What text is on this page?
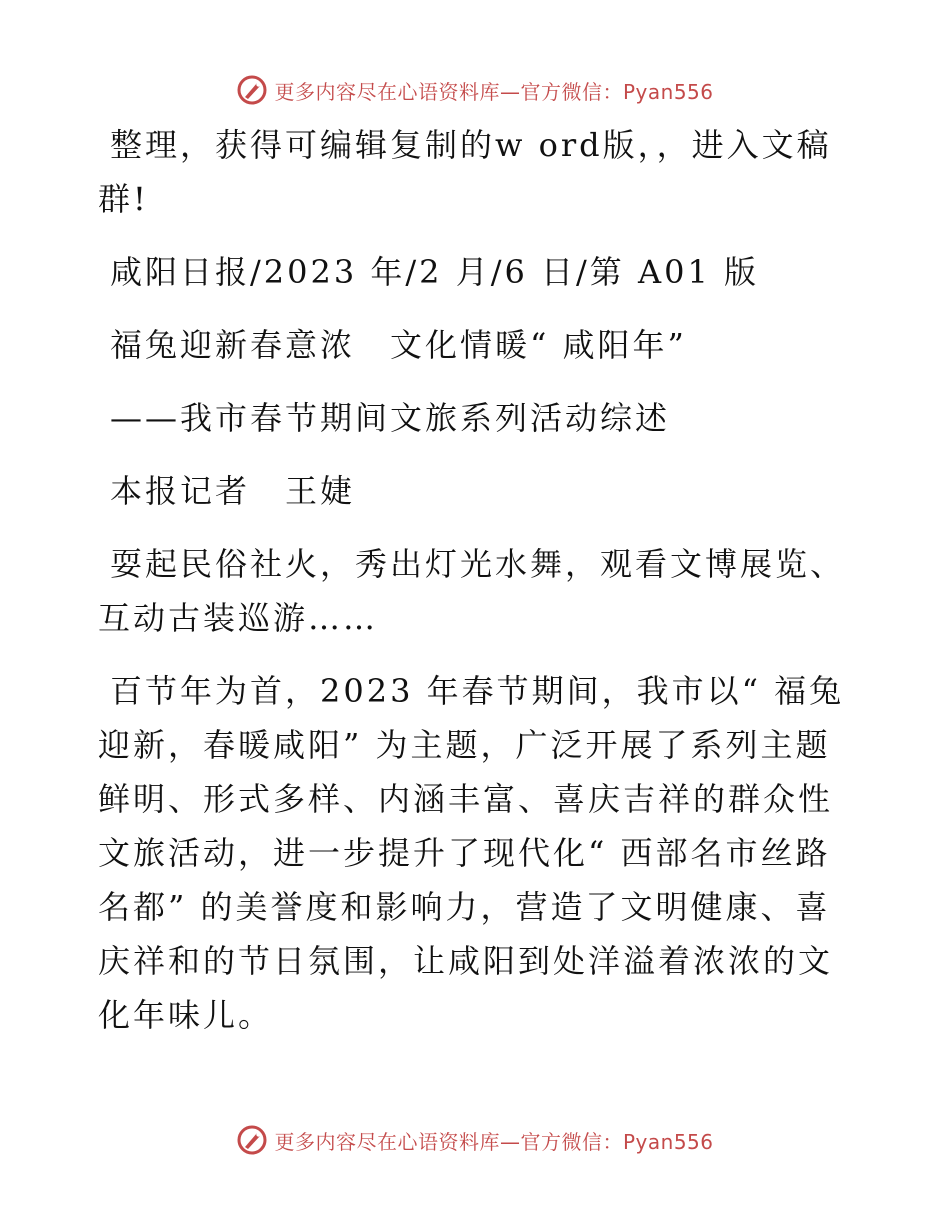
更多内容尽在心语资料库—官方微信：Pyan556

整理，获得可编辑复制的w ord版，，进入文稿群!

咸阳日报/2023 年/2 月/6 日/第 A01 版

福兔迎新春意浓　文化情暖“ 咸阳年”

——我市春节期间文旅系列活动综述

本报记者　王婕

耍起民俗社火，秀出灯光水舞，观看文博展览、互动古装巡游……

百节年为首，2023 年春节期间，我市以“ 福兔迎新，春暖咸阳” 为主题，广泛开展了系列主题鲜明、形式多样、内涵丰富、喜庆吉祥的群众性文旅活动，进一步提升了现代化“ 西部名市丝路名都” 的美誉度和影响力，营造了文明健康、喜庆祥和的节日氛围，让咸阳到处洋溢着浓浓的文化年味儿。

更多内容尽在心语资料库—官方微信：Pyan556
